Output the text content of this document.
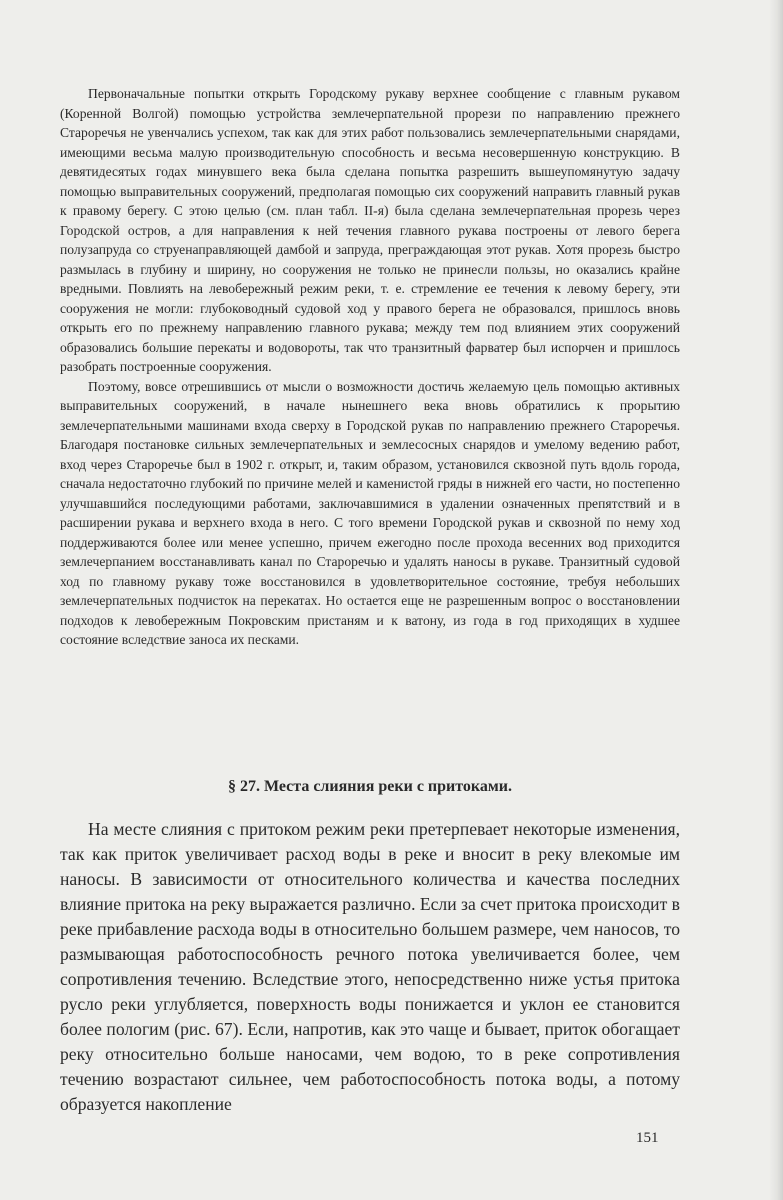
Первоначальные попытки открыть Городскому рукаву верхнее сообщение с главным рукавом (Коренной Волгой) помощью устройства землечерпательной прорези по направлению прежнего Староречья не увенчались успехом, так как для этих работ пользовались землечерпательными снарядами, имеющими весьма малую производительную способность и весьма несовершенную конструкцию. В девятидесятых годах минувшего века была сделана попытка разрешить вышеупомянутую задачу помощью выправительных сооружений, предполагая помощью сих сооружений направить главный рукав к правому берегу. С этою целью (см. план табл. II-я) была сделана землечерпательная прорезь через Городской остров, а для направления к ней течения главного рукава построены от левого берега полузапруда со струенаправляющей дамбой и запруда, преграждающая этот рукав. Хотя прорезь быстро размылась в глубину и ширину, но сооружения не только не принесли пользы, но оказались крайне вредными. Повлиять на левобережный режим реки, т. е. стремление ее течения к левому берегу, эти сооружения не могли: глубоководный судовой ход у правого берега не образовался, пришлось вновь открыть его по прежнему направлению главного рукава; между тем под влиянием этих сооружений образовались большие перекаты и водовороты, так что транзитный фарватер был испорчен и пришлось разобрать построенные сооружения.

Поэтому, вовсе отрешившись от мысли о возможности достичь желаемую цель помощью активных выправительных сооружений, в начале нынешнего века вновь обратились к прорытию землечерпательными машинами входа сверху в Городской рукав по направлению прежнего Староречья. Благодаря постановке сильных землечерпательных и землесосных снарядов и умелому ведению работ, вход через Староречье был в 1902 г. открыт, и, таким образом, установился сквозной путь вдоль города, сначала недостаточно глубокий по причине мелей и каменистой гряды в нижней его части, но постепенно улучшавшийся последующими работами, заключавшимися в удалении означенных препятствий и в расширении рукава и верхнего входа в него. С того времени Городской рукав и сквозной по нему ход поддерживаются более или менее успешно, причем ежегодно после прохода весенних вод приходится землечерпанием восстанавливать канал по Староречью и удалять наносы в рукаве. Транзитный судовой ход по главному рукаву тоже восстановился в удовлетворительное состояние, требуя небольших землечерпательных подчисток на перекатах. Но остается еще не разрешенным вопрос о восстановлении подходов к левобережным Покровским пристаням и к ватону, из года в год приходящих в худшее состояние вследствие заноса их песками.

§ 27. Места слияния реки с притоками.

На месте слияния с притоком режим реки претерпевает некоторые изменения, так как приток увеличивает расход воды в реке и вносит в реку влекомые им наносы. В зависимости от относительного количества и качества последних влияние притока на реку выражается различно. Если за счет притока происходит в реке прибавление расхода воды в относительно большем размере, чем наносов, то размывающая работоспособность речного потока увеличивается более, чем сопротивления течению. Вследствие этого, непосредственно ниже устья притока русло реки углубляется, поверхность воды понижается и уклон ее становится более пологим (рис. 67). Если, напротив, как это чаще и бывает, приток обогащает реку относительно больше наносами, чем водою, то в реке сопротивления течению возрастают сильнее, чем работоспособность потока воды, а потому образуется накопление

151
